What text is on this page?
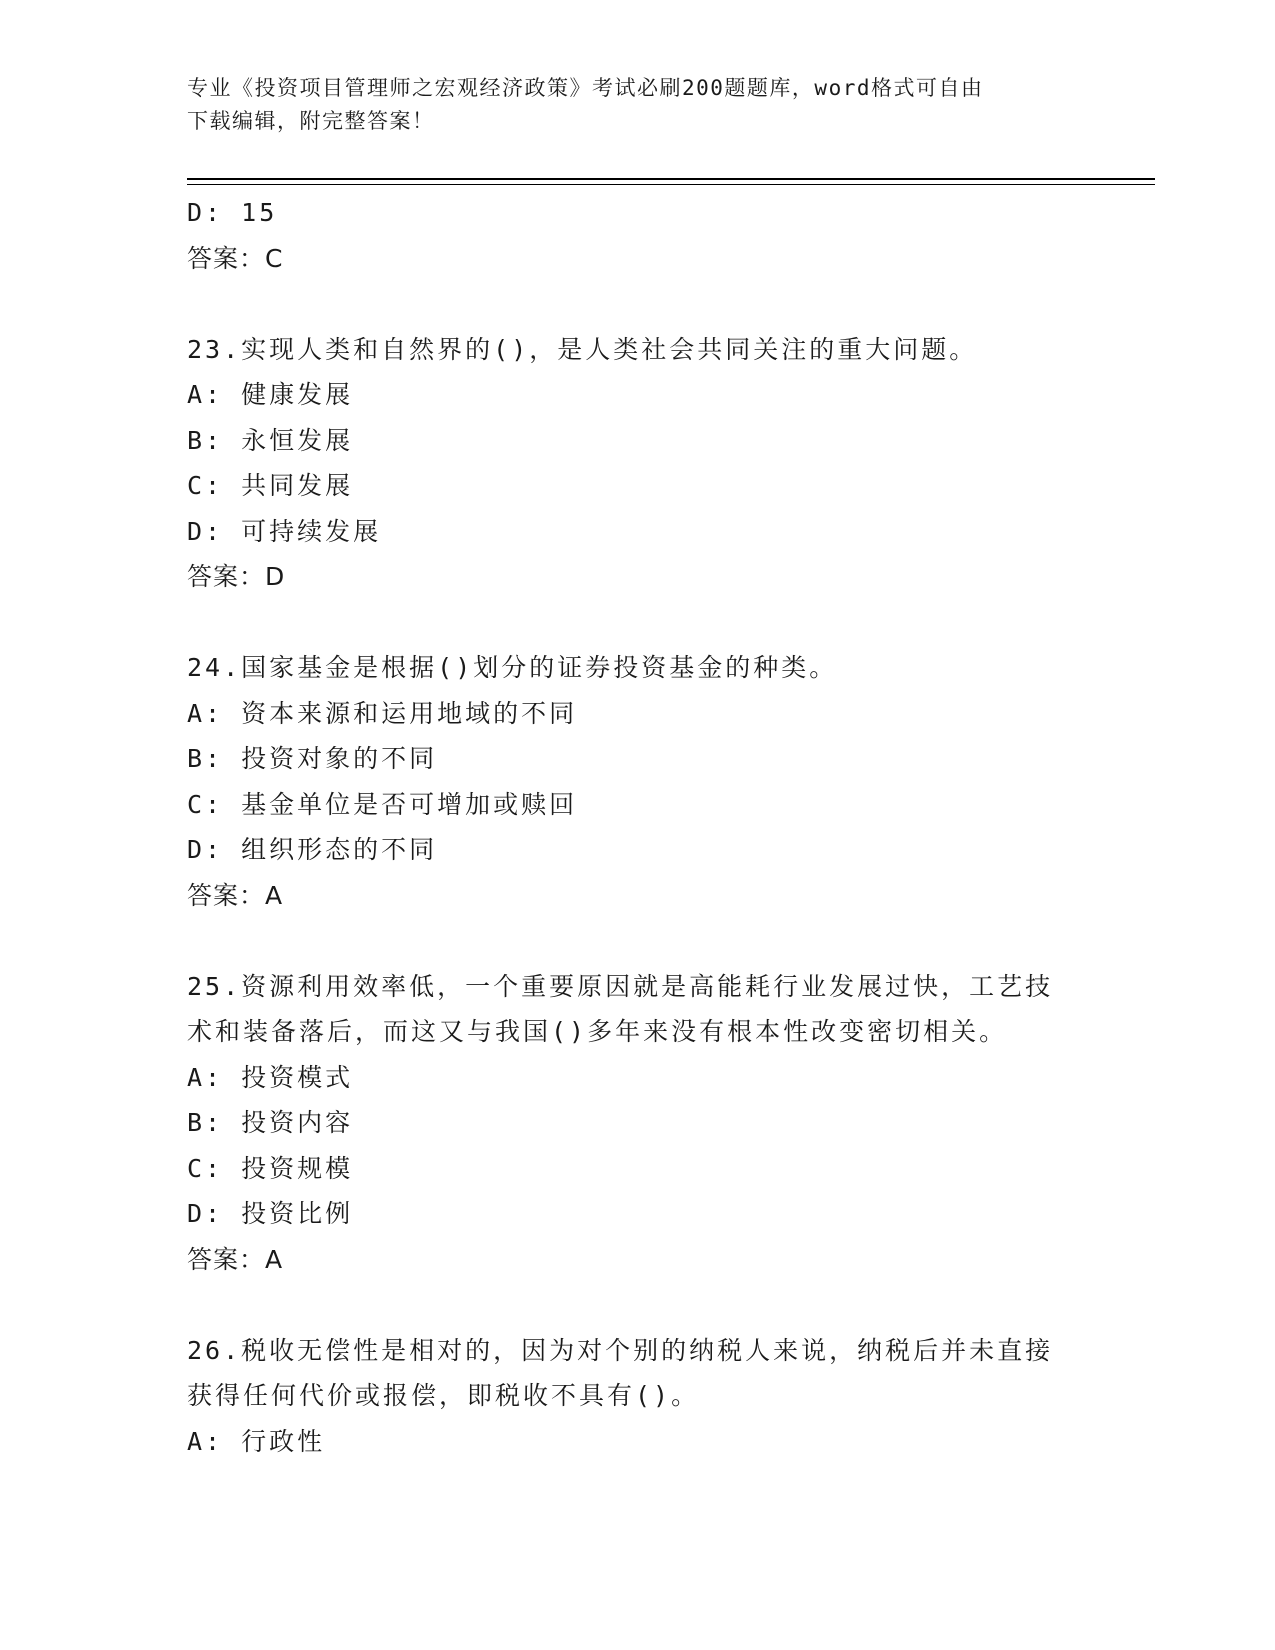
专业《投资项目管理师之宏观经济政策》考试必刷200题题库，word格式可自由
下载编辑，附完整答案！
D: 15
答案：C
23.实现人类和自然界的()，是人类社会共同关注的重大问题。
A: 健康发展
B: 永恒发展
C: 共同发展
D: 可持续发展
答案：D
24.国家基金是根据()划分的证券投资基金的种类。
A: 资本来源和运用地域的不同
B: 投资对象的不同
C: 基金单位是否可增加或赎回
D: 组织形态的不同
答案：A
25.资源利用效率低，一个重要原因就是高能耗行业发展过快，工艺技
术和装备落后，而这又与我国()多年来没有根本性改变密切相关。
A: 投资模式
B: 投资内容
C: 投资规模
D: 投资比例
答案：A
26.税收无偿性是相对的，因为对个别的纳税人来说，纳税后并未直接
获得任何代价或报偿，即税收不具有()。
A: 行政性
